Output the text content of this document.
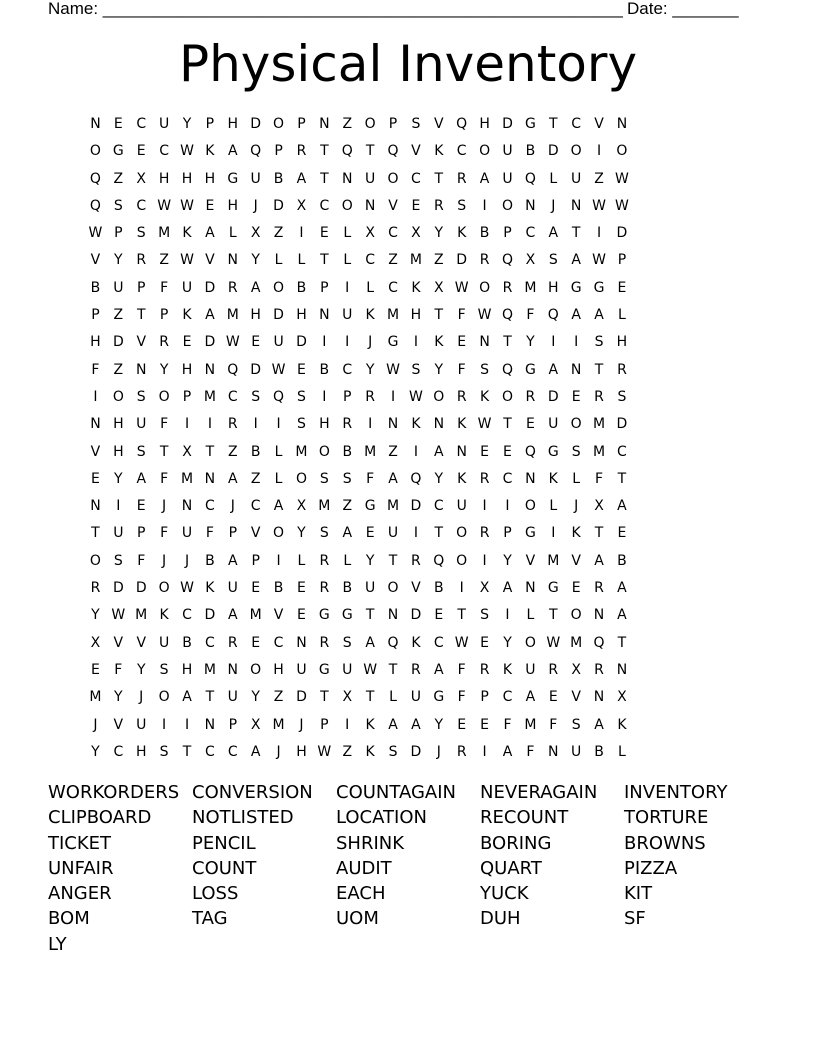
Name: _______________________________________________________ Date: _______
Physical Inventory
N E C U Y	P H D O P N Z O P	S V Q H D G T C V N
O G E C W K A Q P R T Q T Q V K C O U B D O	I	O
Q Z X H H H G U B A T N U O C T R A U Q L U Z W
Q S C W W E H	J	D X C O N V E R S	I	O N	J	N W W
W P	S M K A	L	X Z	I	E	L	X C X Y	K B P C A T	I	D
V Y R Z W V N Y	L	L	T	L	C Z M Z D R Q X S A W P
B U P	F U D R A O B P	I	L	C K X W O R M H G G E
P Z T	P	K A M H D H N U K M H T	F W Q F Q A A	L
H D V R E D W E U D	I	I	J	G	I	K E N T	Y	I	I	S H
F	Z N Y H N Q D W E B C Y W S	Y	F	S Q G A N T R
I	O S O P M C S Q S	I	P R	I W O R K O R D E R S
N H U F	I	I	R	I	I	S H R	I	N K N K W T	E U O M D
V H S	T X T Z B	L M O B M Z	I	A N E	E Q G S M C
E	Y A	F M N A Z	L O S	S	F	A Q Y	K R C N K	L	F	T
N	I	E	J	N C	J	C A X M Z G M D C U	I	I	O L	J	X A
T U P	F U F	P V O Y	S A E U	I	T O R P G	I	K	T	E
O S	F	J	J	B A P	I	L	R	L	Y	T R Q O	I	Y V M V A B
R D D O W K U E B E R B U O V B	I	X A N G E R A
Y W M K C D A M V E G G T N D E	T	S	I	L	T O N A
X V V U B C R E C N R S A Q K C W E	Y O W M Q T
E	F	Y	S H M N O H U G U W T R A	F	R K U R X R N
M Y	J	O A T U Y Z D T X T	L U G F	P C A E V N X
J	V U	I	I	N P X M	J	P	I	K A A Y	E	E	F M F	S A K
Y C H S	T C C A	J	H W Z K S D	J	R	I	A	F N U B	L
WORKORDERS CONVERSION	COUNTAGAIN	NEVERAGAIN	INVENTORY
CLIPBOARD	NOTLISTED	LOCATION	RECOUNT	TORTURE
TICKET	PENCIL	SHRINK	BORING	BROWNS
UNFAIR	COUNT	AUDIT	QUART	PIZZA
ANGER	LOSS	EACH	YUCK	KIT
BOM	TAG	UOM	DUH	SF
LY
